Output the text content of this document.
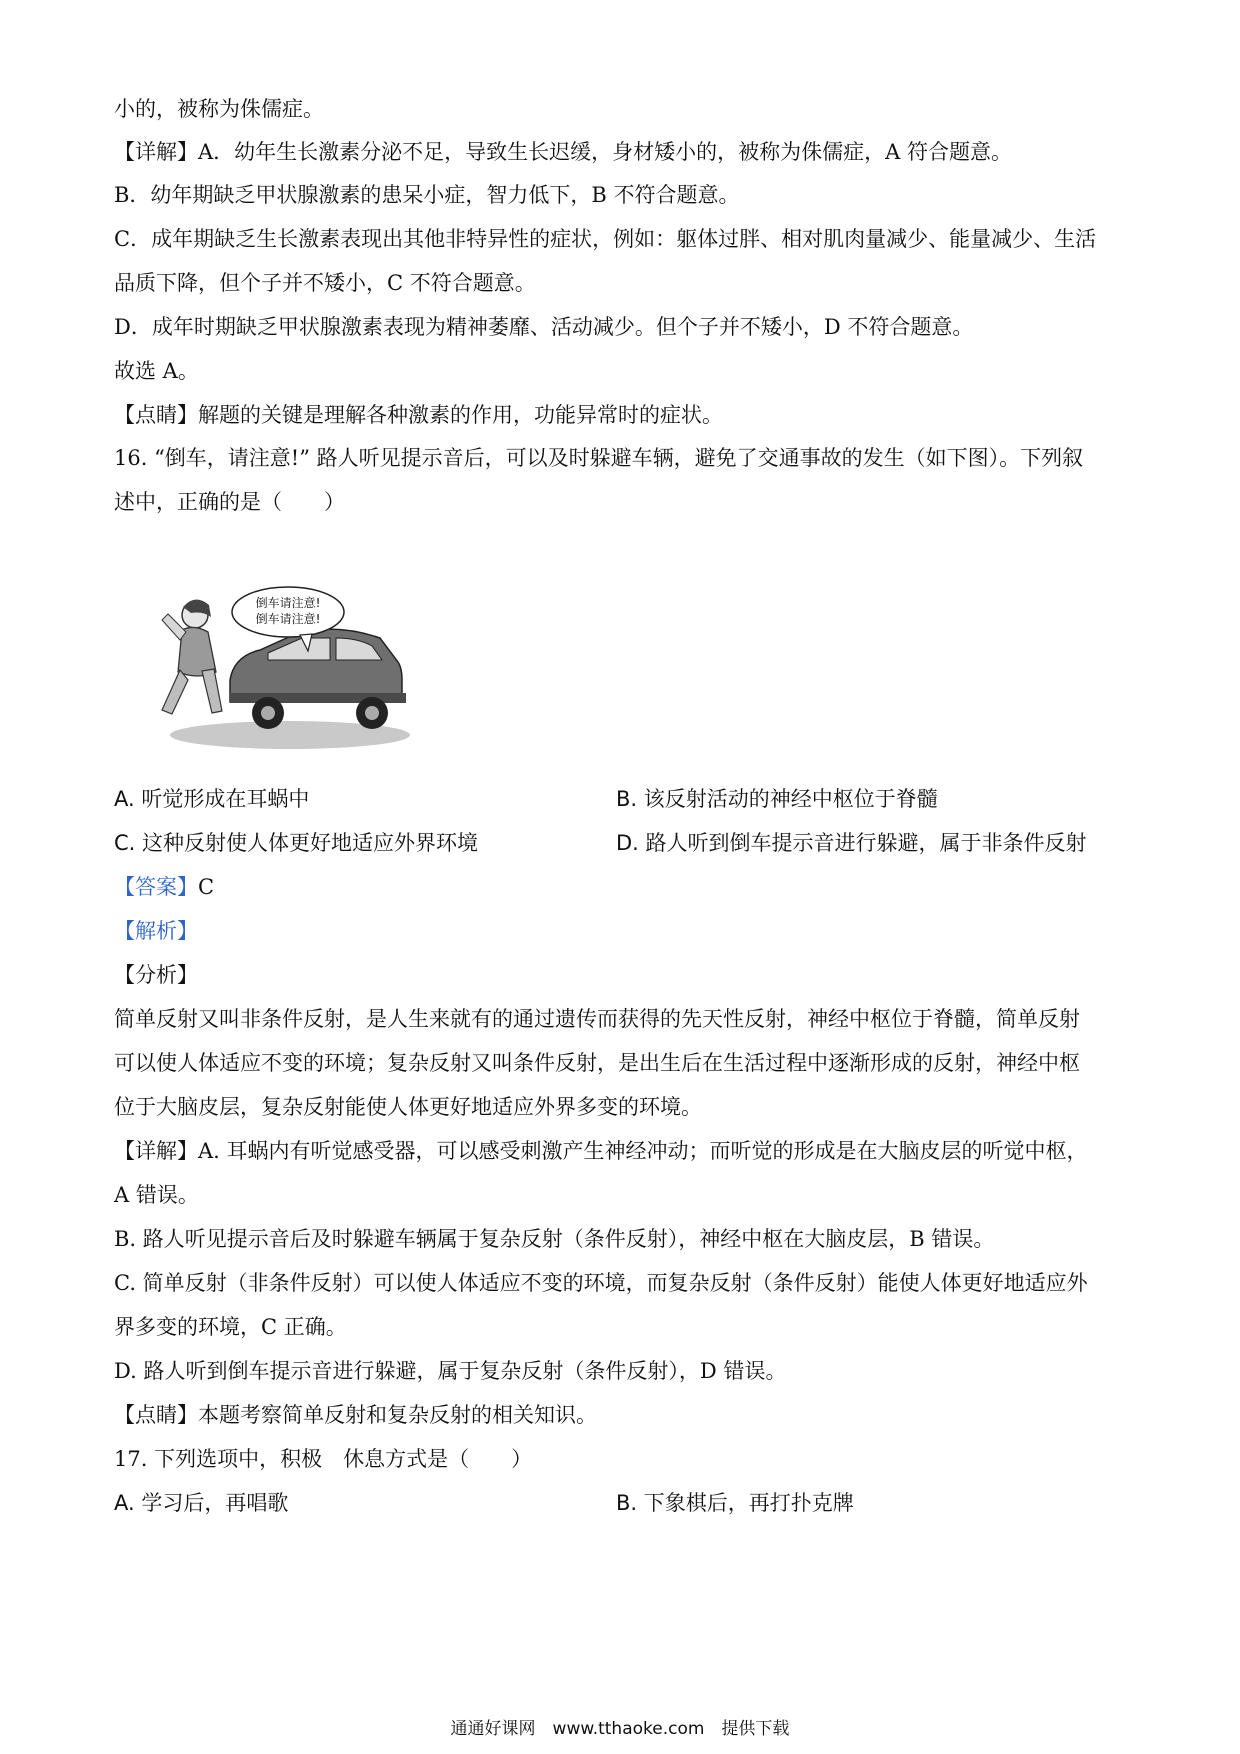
小的，被称为侏儒症。
【详解】A．幼年生长激素分泌不足，导致生长迟缓，身材矮小的，被称为侏儒症，A 符合题意。
B．幼年期缺乏甲状腺激素的患呆小症，智力低下，B 不符合题意。
C．成年期缺乏生长激素表现出其他非特异性的症状，例如：躯体过胖、相对肌肉量减少、能量减少、生活
品质下降，但个子并不矮小，C 不符合题意。
D．成年时期缺乏甲状腺激素表现为精神萎靡、活动减少。但个子并不矮小，D 不符合题意。
故选 A。
【点睛】解题的关键是理解各种激素的作用，功能异常时的症状。
16. “倒车，请注意!” 路人听见提示音后，可以及时躲避车辆，避免了交通事故的发生（如下图）。下列叙
述中，正确的是（　　）
倒车请注意!
倒车请注意!
A. 听觉形成在耳蜗中	B. 该反射活动的神经中枢位于脊髓
C. 这种反射使人体更好地适应外界环境	D. 路人听到倒车提示音进行躲避，属于非条件反射
【答案】C
【解析】
【分析】
简单反射又叫非条件反射，是人生来就有的通过遗传而获得的先天性反射，神经中枢位于脊髓，简单反射
可以使人体适应不变的环境；复杂反射又叫条件反射，是出生后在生活过程中逐渐形成的反射，神经中枢
位于大脑皮层，复杂反射能使人体更好地适应外界多变的环境。
【详解】A. 耳蜗内有听觉感受器，可以感受刺激产生神经冲动；而听觉的形成是在大脑皮层的听觉中枢，
A 错误。
B. 路人听见提示音后及时躲避车辆属于复杂反射（条件反射），神经中枢在大脑皮层，B 错误。
C. 简单反射（非条件反射）可以使人体适应不变的环境，而复杂反射（条件反射）能使人体更好地适应外
界多变的环境，C 正确。
D. 路人听到倒车提示音进行躲避，属于复杂反射（条件反射），D 错误。
【点睛】本题考察简单反射和复杂反射的相关知识。
17. 下列选项中，积极　休息方式是（　　）
A. 学习后，再唱歌	B. 下象棋后，再打扑克牌
通通好课网　www.tthaoke.com　提供下载
